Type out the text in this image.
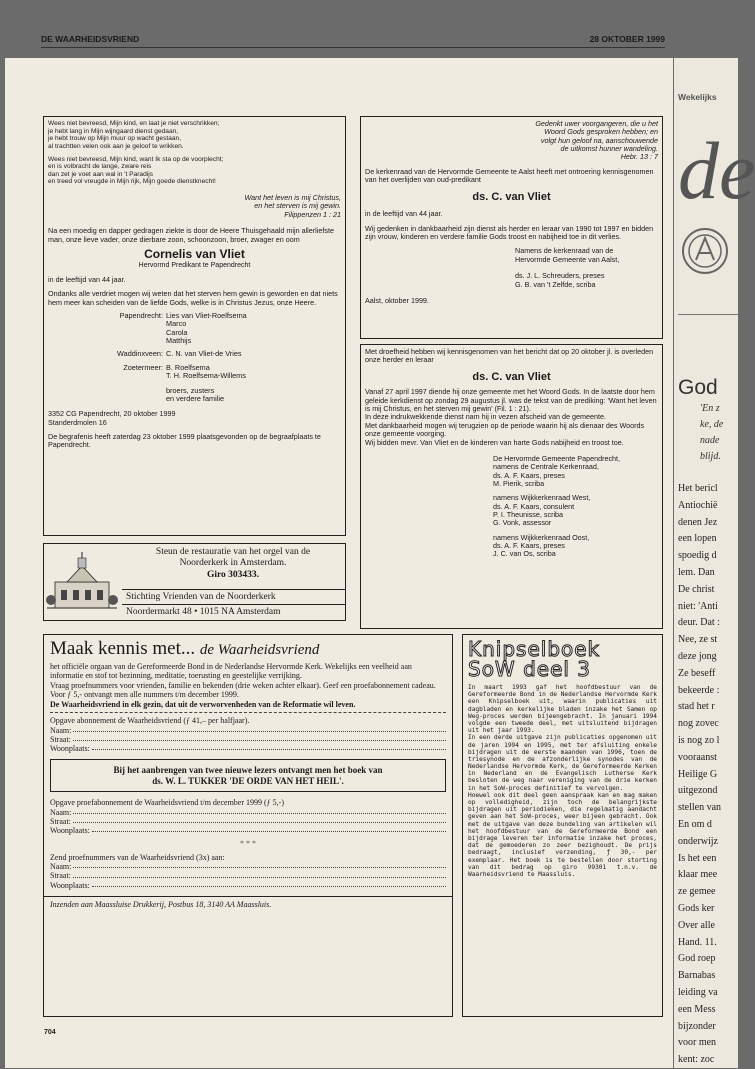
DE WAARHEIDSVRIEND	28 OKTOBER 1999

Wees niet bevreesd, Mijn kind, en laat je niet verschrikken;
je hebt lang in Mijn wijngaard dienst gedaan,
je hebt trouw op Mijn muur op wacht gestaan,
al trachtten velen ook aan je geloof te wrikken.

Wees niet bevreesd, Mijn kind, want Ik sta op de voorplecht;
en is volbracht de lange, zware reis
dan zet je voet aan wal in 't Paradijs
en treed vol vreugde in Mijn rijk, Mijn goede dienstknecht!

Want het leven is mij Christus,
en het sterven is mij gewin.
Filippenzen 1 : 21

Na een moedig en dapper gedragen ziekte is door de Heere Thuisgehaald mijn allerliefste man, onze lieve vader, onze dierbare zoon, schoonzoon, broer, zwager en oom

Cornelis van Vliet
Hervormd Predikant te Papendrecht

in de leeftijd van 44 jaar.

Ondanks alle verdriet mogen wij weten dat het sterven hem gewin is geworden en dat niets hem meer kan scheiden van de liefde Gods, welke is in Christus Jezus, onze Heere.

Papendrecht: Lies van Vliet-Roelfsema
Marco
Carola
Matthijs
Waddinxveen: C. N. van Vliet-de Vries
Zoetermeer: B. Roelfsema
T. H. Roelfsema-Willems
broers, zusters
en verdere familie

3352 CG Papendrecht, 20 oktober 1999
Standerdmolen 16

De begrafenis heeft zaterdag 23 oktober 1999 plaatsgevonden op de begraafplaats te Papendrecht.

Gedenkt uwer voorgangeren, die u het
Woord Gods gesproken hebben; en
volgt hun geloof na, aanschouwende
de uitkomst hunner wandeling.
Hebr. 13 : 7

De kerkenraad van de Hervormde Gemeente te Aalst heeft met ontroering kennisgenomen van het overlijden van oud-predikant

ds. C. van Vliet

in de leeftijd van 44 jaar.

Wij gedenken in dankbaarheid zijn dienst als herder en leraar van 1990 tot 1997 en bidden zijn vrouw, kinderen en verdere familie Gods troost en nabijheid toe in dit verlies.

Namens de kerkenraad van de
Hervormde Gemeente van Aalst,

ds. J. L. Schreuders, preses
G. B. van 't Zelfde, scriba

Aalst, oktober 1999.

Met droefheid hebben wij kennisgenomen van het bericht dat op 20 oktober jl. is overleden onze herder en leraar

ds. C. van Vliet

Vanaf 27 april 1997 diende hij onze gemeente met het Woord Gods. In de laatste door hem geleide kerkdienst op zondag 29 augustus jl. was de tekst van de prediking: 'Want het leven is mij Christus, en het sterven mij gewin' (Fil. 1 : 21).
In deze indrukwekkende dienst nam hij in vezen afscheid van de gemeente.
Met dankbaarheid mogen wij terugzien op de periode waarin hij als dienaar des Woords onze gemeente voorging.
Wij bidden mevr. Van Vliet en de kinderen van harte Gods nabijheid en troost toe.

De Hervormde Gemeente Papendrecht,
namens de Centrale Kerkenraad,
ds. A. F. Kaars, preses
M. Pierik, scriba

namens Wijkkerkenraad West,
ds. A. F. Kaars, consulent
P. I. Theunisse, scriba
G. Vonk, assessor

namens Wijkkerkenraad Oost,
ds. A. F. Kaars, preses
J. C. van Os, scriba

Steun de restauratie van het orgel van de
Noorderkerk in Amsterdam.
Giro 303433.
Stichting Vrienden van de Noorderkerk
Noordermarkt 48 • 1015 NA Amsterdam
Maak kennis met... de Waarheidsvriend

het officiële orgaan van de Gereformeerde Bond in de Nederlandse Hervormde Kerk. Wekelijks een veelheid aan informatie en stof tot bezinning, meditatie, toerusting en geestelijke verrijking.
Vraag proefnummers voor vrienden, familie en bekenden (drie weken achter elkaar). Geef een proefabonnement cadeau.
Voor ƒ 5,- ontvangt men alle nummers t/m december 1999.

De Waarheidsvriend in elk gezin, dat uit de verworvenheden van de Reformatie wil leven.

Opgave abonnement de Waarheidsvriend (ƒ 41,– per halfjaar).

Naam:
Straat:
Woonplaats:
Bij het aanbrengen van twee nieuwe lezers ontvangt men het boek van
ds. W. L. TUKKER 'DE ORDE VAN HET HEIL'.

Opgave proefabonnement de Waarheidsvriend t/m december 1999 (ƒ 5,-)

Naam:
Straat:
Woonplaats:
* * *

Zend proefnummers van de Waarheidsvriend (3x) aan:

Naam:
Straat:
Woonplaats:

Inzenden aan Maassluise Drukkerij, Postbus 18, 3140 AA Maassluis.

Knipselboek
SoW deel 3

In maart 1993 gaf het hoofdbestuur van de Gereformeerde Bond in de Nederlandse Hervormde Kerk een Knipselboek uit, waarin publicaties uit dagbladen en kerkelijke bladen inzake het Samen op Weg-proces werden bijeengebracht. In januari 1994 volgde een tweede deel, met uitsluitend bijdragen uit het jaar 1993.
In een derde uitgave zijn publicaties opgenomen uit de jaren 1994 en 1995, met ter afsluiting enkele bijdragen uit de eerste maanden van 1996, toen de triesynode en de afzonderlijke synodes van de Nederlandse Hervormde Kerk, de Gereformeerde Kerken in Nederland en de Evangelisch Lutherse Kerk besloten de weg naar vereniging van de drie kerken in het SoW-proces definitief te vervolgen.
Hoewel ook dit deel geen aanspraak kan en mag maken op volledigheid, zijn toch de belangrijkste bijdragen uit periodieken, die regelmatig aandacht geven aan het SoW-proces, weer bijeen gebracht. Ook met de uitgave van deze bundeling van artikelen wil het hoofdbestuur van de Gereformeerde Bond een bijdrage leveren ter informatie inzake het proces, dat de gemoederen zo zeer bezighoudt. De prijs bedraagt, inclusief verzending, ƒ 30,- per exemplaar. Het boek is te bestellen door storting van dit bedrag op giro 99301 t.n.v. de Waarheidsvriend te Maassluis.

704
Wekelijks
de
God
'En z
ke, de
nade
blijd.
Het bericl
Antiochië
denen Jez
een lopen
spoedig d
lem. Dan
De christ
niet: 'Anti
deur. Dat :
Nee, ze st
deze jong
Ze beseff
bekeerde :
stad het r
nog zovec
is nog zo l
vooraanst
Heilige G
uitgezond
stellen van
En om d
onderwijz
Is het een
klaar mee
ze gemee
Gods ker
Over alle
Hand. 11.
God roep
Barnabas
leiding va
een Mess
bijzonder
voor men
kent: zoc
